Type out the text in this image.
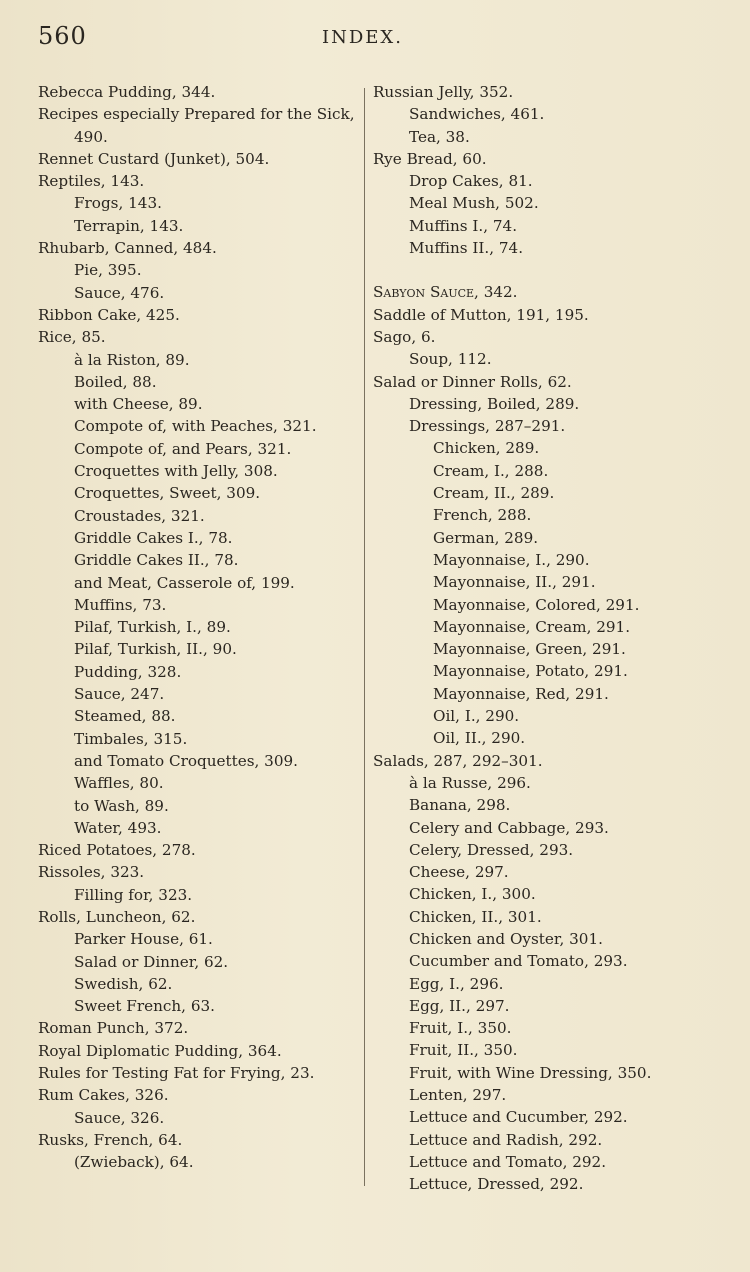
560	INDEX.
Rebecca Pudding, 344.
Recipes especially Prepared for the Sick, 490.
Rennet Custard (Junket), 504.
Reptiles, 143.
Frogs, 143.
Terrapin, 143.
Rhubarb, Canned, 484.
Pie, 395.
Sauce, 476.
Ribbon Cake, 425.
Rice, 85.
à la Riston, 89.
Boiled, 88.
with Cheese, 89.
Compote of, with Peaches, 321.
Compote of, and Pears, 321.
Croquettes with Jelly, 308.
Croquettes, Sweet, 309.
Croustades, 321.
Griddle Cakes I., 78.
Griddle Cakes II., 78.
and Meat, Casserole of, 199.
Muffins, 73.
Pilaf, Turkish, I., 89.
Pilaf, Turkish, II., 90.
Pudding, 328.
Sauce, 247.
Steamed, 88.
Timbales, 315.
and Tomato Croquettes, 309.
Waffles, 80.
to Wash, 89.
Water, 493.
Riced Potatoes, 278.
Rissoles, 323.
Filling for, 323.
Rolls, Luncheon, 62.
Parker House, 61.
Salad or Dinner, 62.
Swedish, 62.
Sweet French, 63.
Roman Punch, 372.
Royal Diplomatic Pudding, 364.
Rules for Testing Fat for Frying, 23.
Rum Cakes, 326.
Sauce, 326.
Rusks, French, 64.
(Zwieback), 64.
Russian Jelly, 352.
Sandwiches, 461.
Tea, 38.
Rye Bread, 60.
Drop Cakes, 81.
Meal Mush, 502.
Muffins I., 74.
Muffins II., 74.
Sabyon Sauce, 342.
Saddle of Mutton, 191, 195.
Sago, 6.
Soup, 112.
Salad or Dinner Rolls, 62.
Dressing, Boiled, 289.
Dressings, 287–291.
Chicken, 289.
Cream, I., 288.
Cream, II., 289.
French, 288.
German, 289.
Mayonnaise, I., 290.
Mayonnaise, II., 291.
Mayonnaise, Colored, 291.
Mayonnaise, Cream, 291.
Mayonnaise, Green, 291.
Mayonnaise, Potato, 291.
Mayonnaise, Red, 291.
Oil, I., 290.
Oil, II., 290.
Salads, 287, 292–301.
à la Russe, 296.
Banana, 298.
Celery and Cabbage, 293.
Celery, Dressed, 293.
Cheese, 297.
Chicken, I., 300.
Chicken, II., 301.
Chicken and Oyster, 301.
Cucumber and Tomato, 293.
Egg, I., 296.
Egg, II., 297.
Fruit, I., 350.
Fruit, II., 350.
Fruit, with Wine Dressing, 350.
Lenten, 297.
Lettuce and Cucumber, 292.
Lettuce and Radish, 292.
Lettuce and Tomato, 292.
Lettuce, Dressed, 292.
